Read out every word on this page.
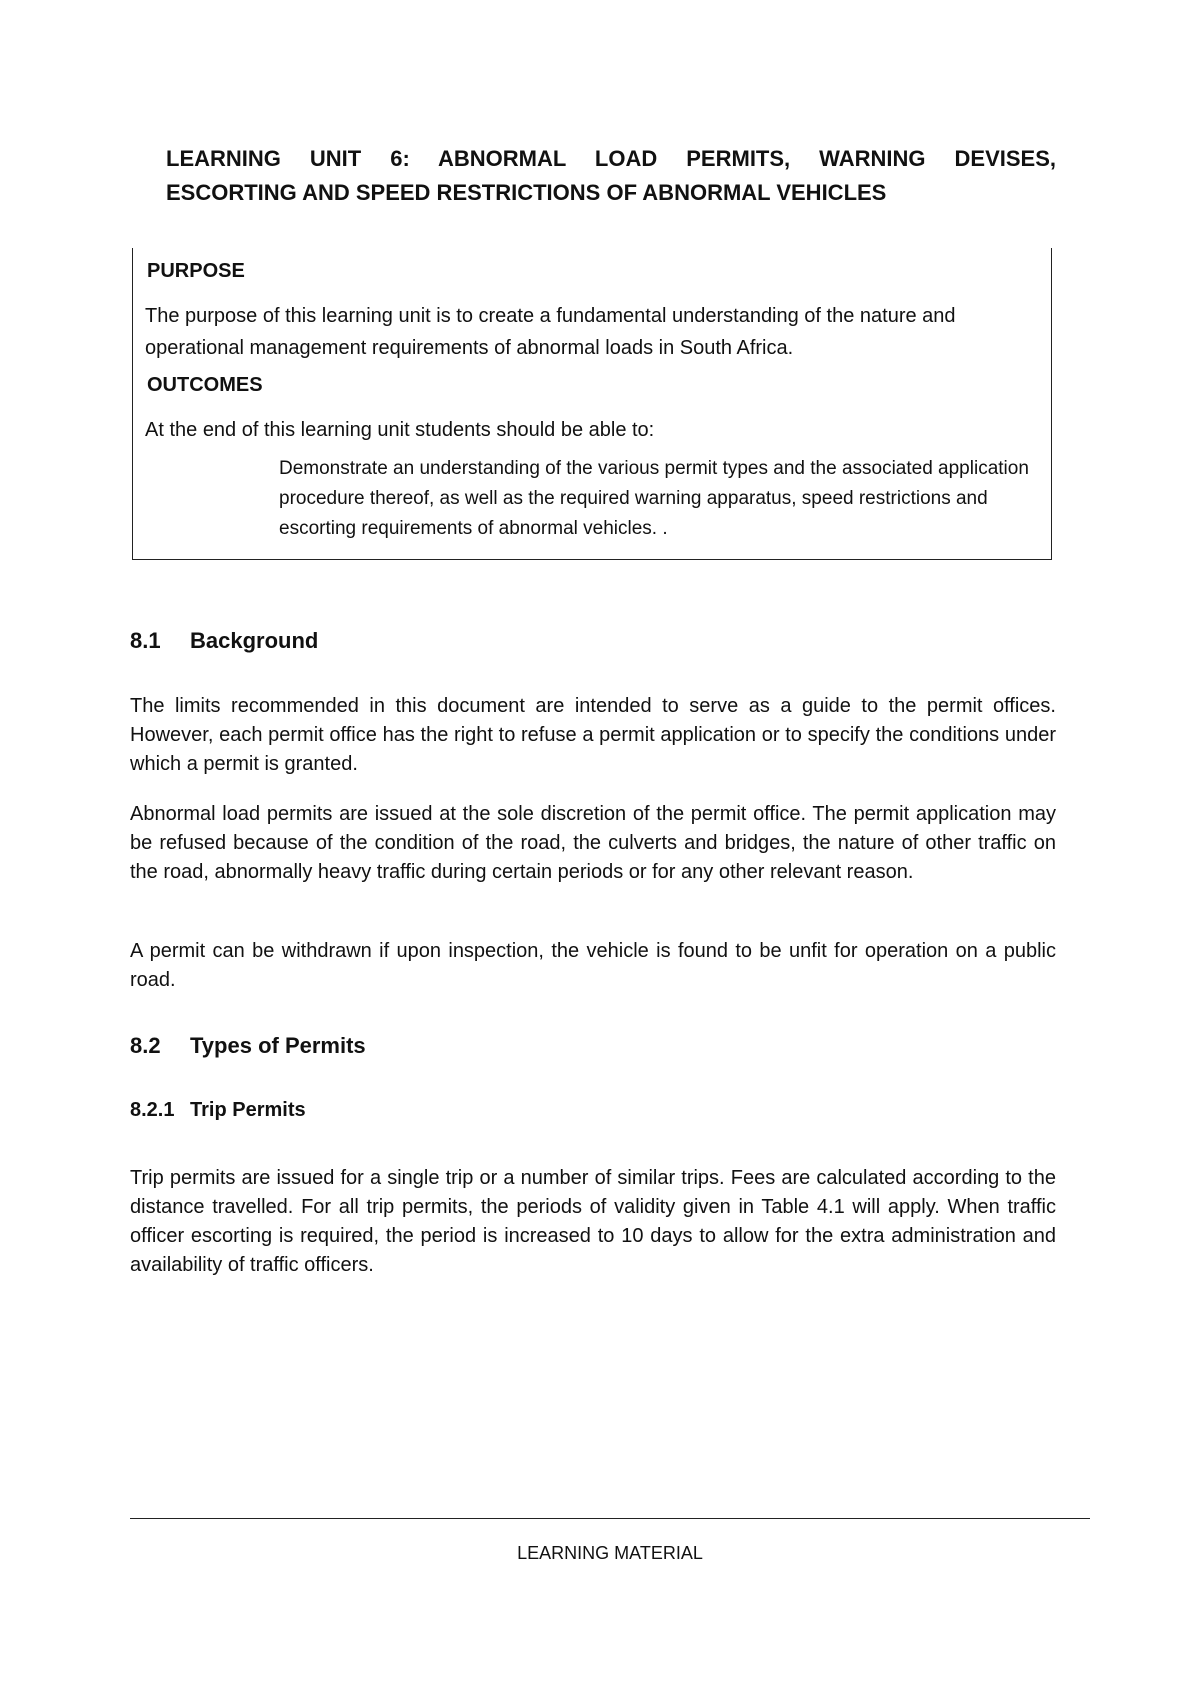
LEARNING UNIT 6: ABNORMAL LOAD PERMITS, WARNING DEVISES,
ESCORTING AND SPEED RESTRICTIONS OF ABNORMAL VEHICLES

PURPOSE

The purpose of this learning unit is to create a fundamental understanding of the nature and operational management requirements of abnormal loads in South Africa.

OUTCOMES

At the end of this learning unit students should be able to:

Demonstrate an understanding of the various permit types and the associated application procedure thereof, as well as the required warning apparatus, speed restrictions and escorting requirements of abnormal vehicles. .

8.1 Background

The limits recommended in this document are intended to serve as a guide to the permit offices. However, each permit office has the right to refuse a permit application or to specify the conditions under which a permit is granted.

Abnormal load permits are issued at the sole discretion of the permit office. The permit application may be refused because of the condition of the road, the culverts and bridges, the nature of other traffic on the road, abnormally heavy traffic during certain periods or for any other relevant reason.

A permit can be withdrawn if upon inspection, the vehicle is found to be unfit for operation on a public road.

8.2 Types of Permits
8.2.1 Trip Permits

Trip permits are issued for a single trip or a number of similar trips. Fees are calculated according to the distance travelled. For all trip permits, the periods of validity given in Table 4.1 will apply. When traffic officer escorting is required, the period is increased to 10 days to allow for the extra administration and availability of traffic officers.

LEARNING MATERIAL
